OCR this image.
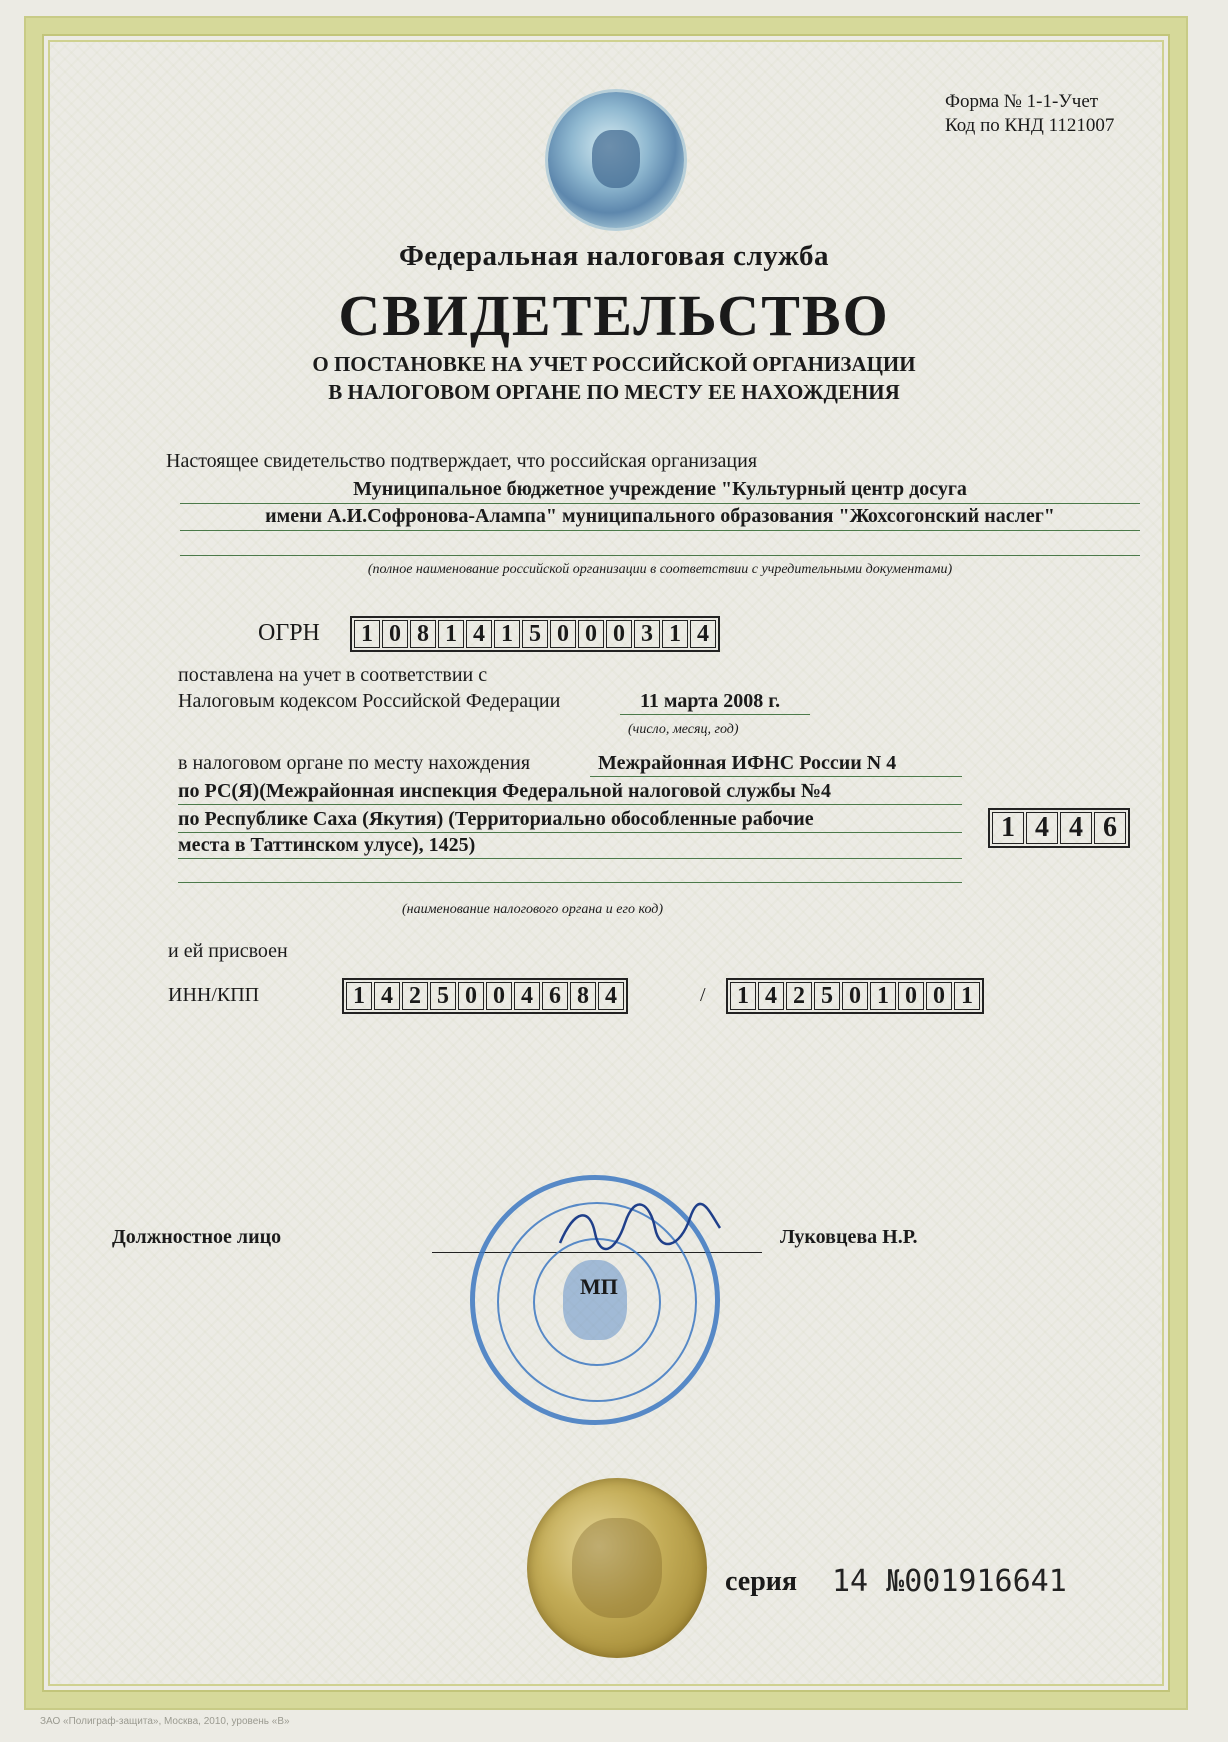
Форма № 1-1-Учет
Код по КНД 1121007
Федеральная налоговая служба
СВИДЕТЕЛЬСТВО
О ПОСТАНОВКЕ НА УЧЕТ РОССИЙСКОЙ ОРГАНИЗАЦИИ
В НАЛОГОВОМ ОРГАНЕ ПО МЕСТУ ЕЕ НАХОЖДЕНИЯ
Настоящее свидетельство подтверждает, что российская организация
Муниципальное бюджетное учреждение "Культурный центр досуга
имени А.И.Софронова-Алампа" муниципального образования "Жохсогонский наслег"
(полное наименование российской организации в соответствии с учредительными документами)
ОГРН 1 0 8 1 4 1 5 0 0 0 3 1 4
поставлена на учет в соответствии с
Налоговым кодексом Российской Федерации	11 марта 2008 г.
(число, месяц, год)
в налоговом органе по месту нахождения	Межрайонная ИФНС России N 4
по РС(Я)(Межрайонная инспекция Федеральной налоговой службы №4
по Республике Саха (Якутия) (Территориально обособленные рабочие
места в Таттинском улусе), 1425)
1 4 4 6
(наименование налогового органа и его код)
и ей присвоен
ИНН/КПП	1 4 2 5 0 0 4 6 8 4	/ 1 4 2 5 0 1 0 0 1
Должностное лицо	Луковцева Н.Р.
МП
серия 14 №001916641
ЗАО «Полиграф-защита», Москва, 2010, уровень «В»
